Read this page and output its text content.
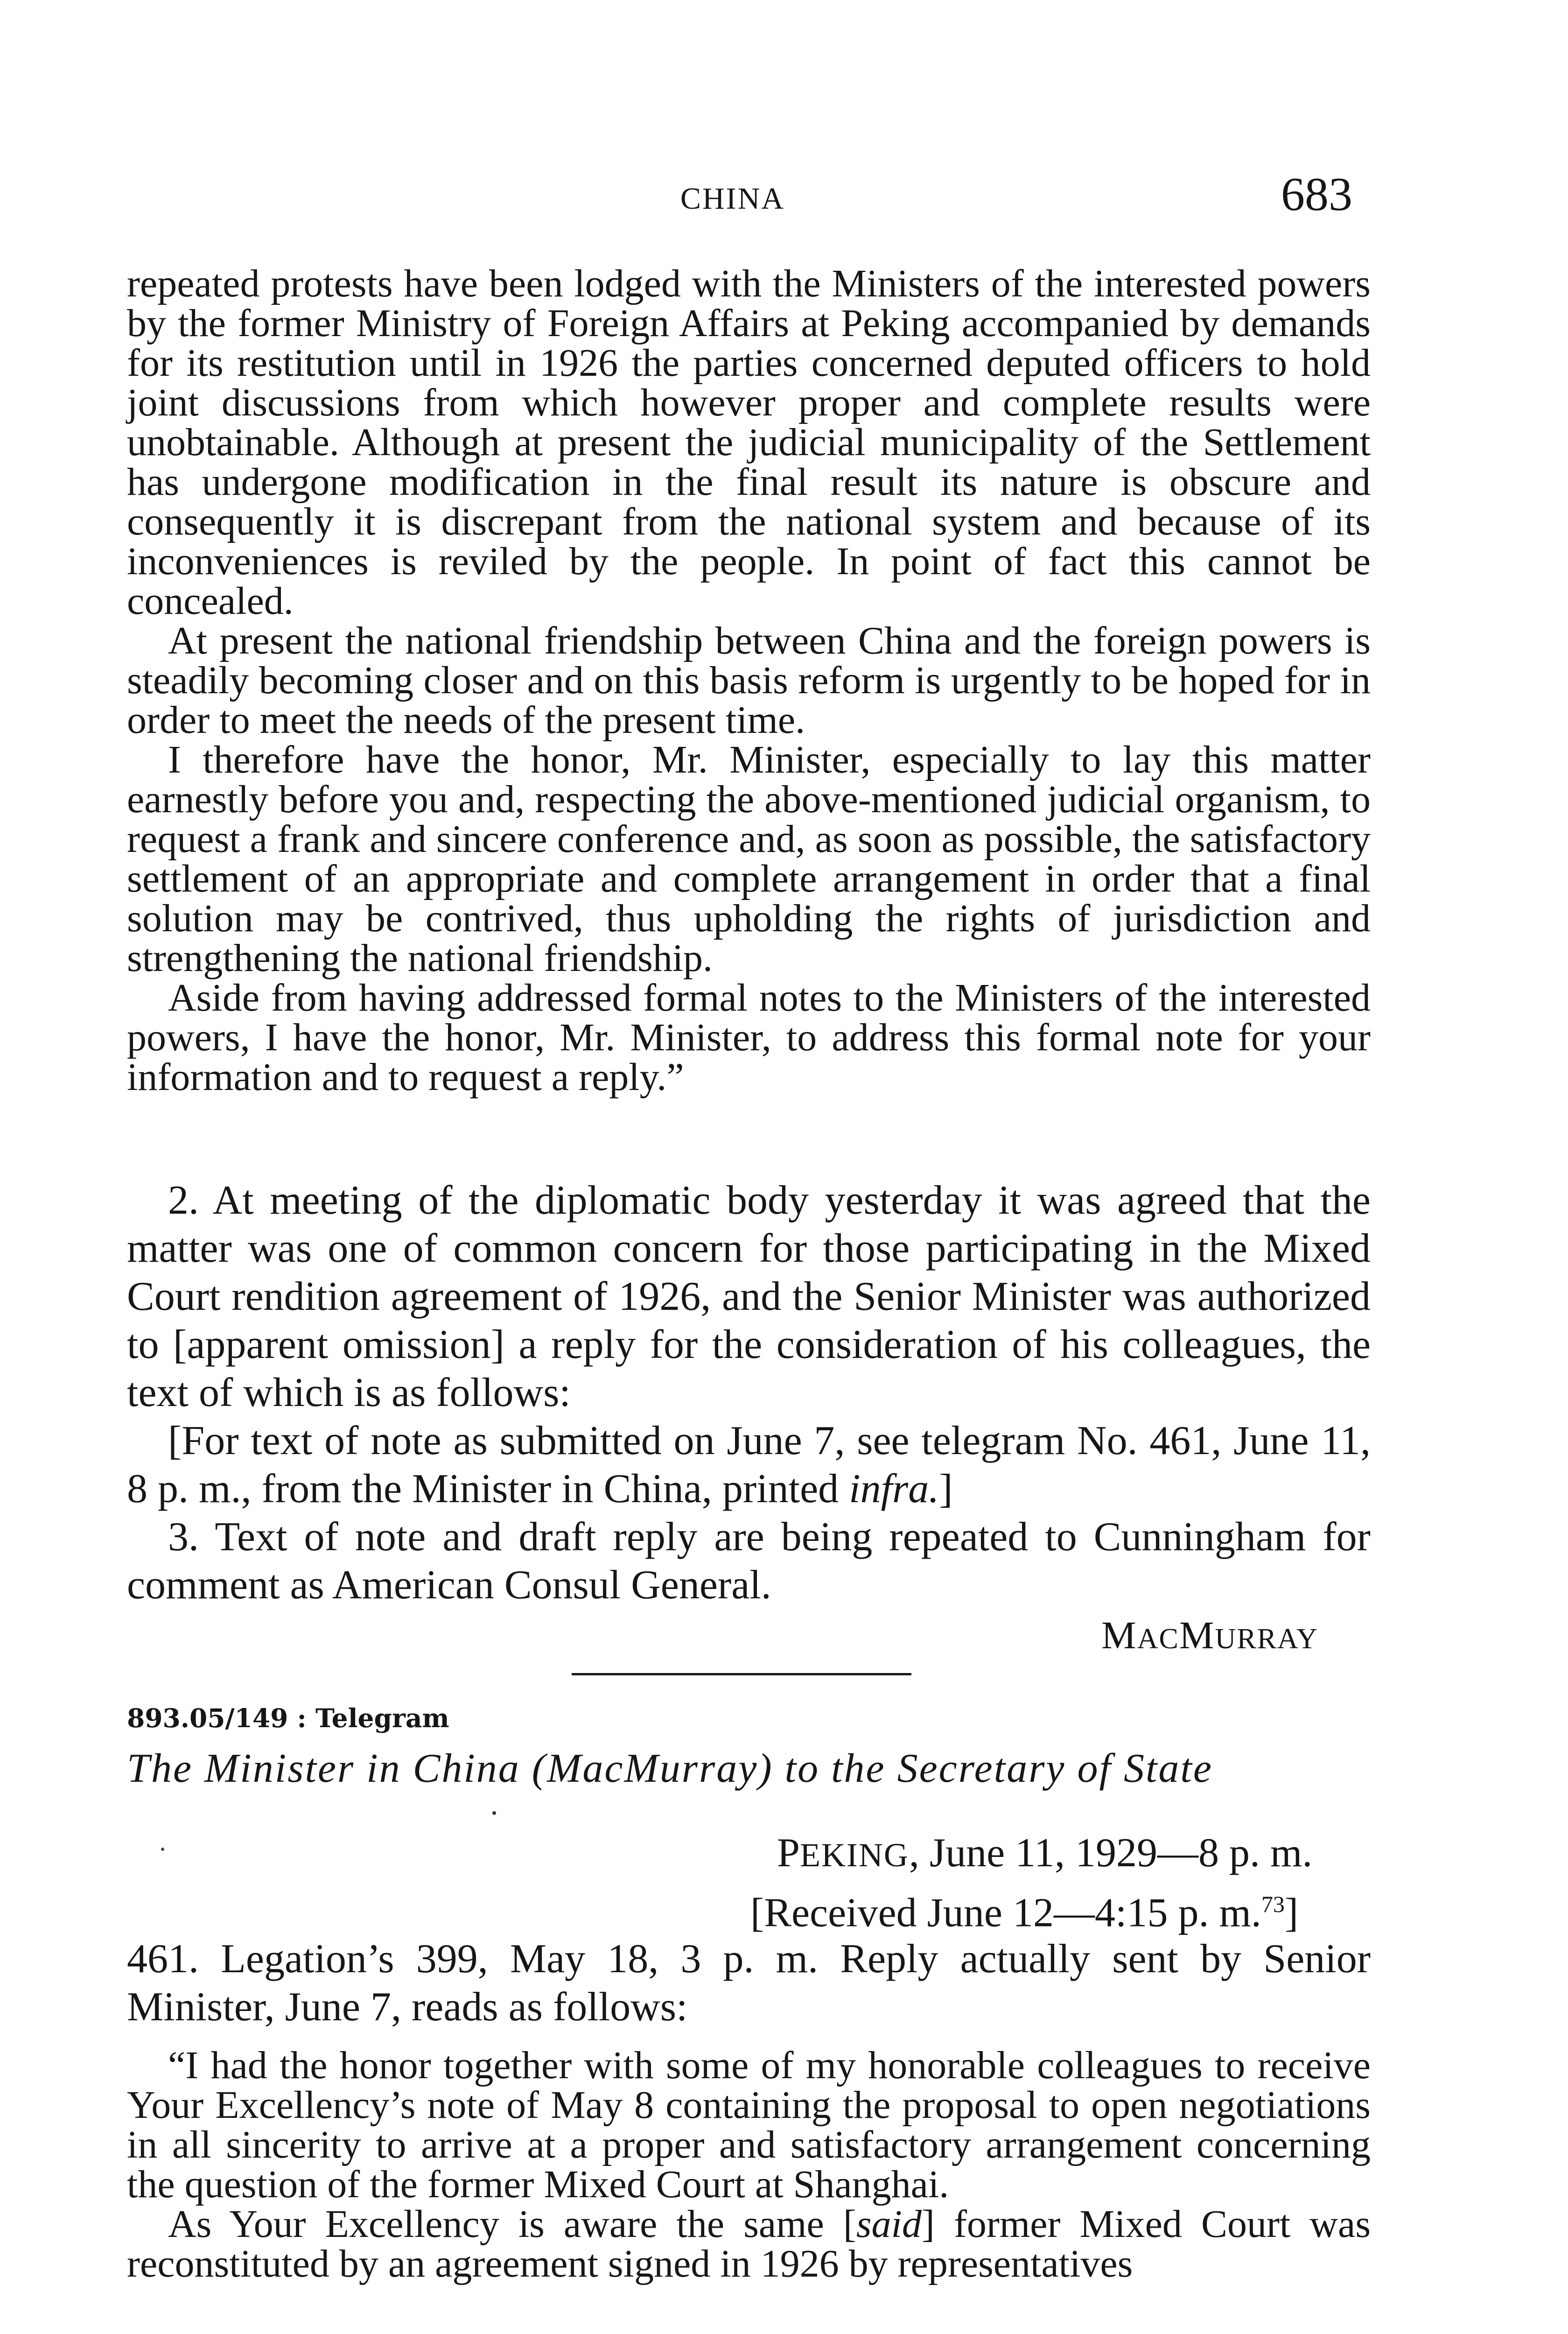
CHINA	683

repeated protests have been lodged with the Ministers of the interested powers by the former Ministry of Foreign Affairs at Peking accompanied by demands for its restitution until in 1926 the parties concerned deputed officers to hold joint discussions from which however proper and complete results were unobtainable. Although at present the judicial municipality of the Settlement has undergone modification in the final result its nature is obscure and consequently it is discrepant from the national system and because of its inconveniences is reviled by the people. In point of fact this cannot be concealed.

At present the national friendship between China and the foreign powers is steadily becoming closer and on this basis reform is urgently to be hoped for in order to meet the needs of the present time.

I therefore have the honor, Mr. Minister, especially to lay this matter earnestly before you and, respecting the above-mentioned judicial organism, to request a frank and sincere conference and, as soon as possible, the satisfactory settlement of an appropriate and complete arrangement in order that a final solution may be contrived, thus upholding the rights of jurisdiction and strengthening the national friendship.

Aside from having addressed formal notes to the Ministers of the interested powers, I have the honor, Mr. Minister, to address this formal note for your information and to request a reply.”

2. At meeting of the diplomatic body yesterday it was agreed that the matter was one of common concern for those participating in the Mixed Court rendition agreement of 1926, and the Senior Minister was authorized to [apparent omission] a reply for the consideration of his colleagues, the text of which is as follows:

[For text of note as submitted on June 7, see telegram No. 461, June 11, 8 p. m., from the Minister in China, printed infra.]

3. Text of note and draft reply are being repeated to Cunningham for comment as American Consul General.

MACMURRAY
893.05/149 : Telegram
The Minister in China (MacMurray) to the Secretary of State
PEKING, June 11, 1929—8 p. m.
[Received June 12—4:15 p. m.$^{73}$]
461. Legation’s 399, May 18, 3 p. m. Reply actually sent by Senior Minister, June 7, reads as follows:

“I had the honor together with some of my honorable colleagues to receive Your Excellency’s note of May 8 containing the proposal to open negotiations in all sincerity to arrive at a proper and satisfactory arrangement concerning the question of the former Mixed Court at Shanghai.

As Your Excellency is aware the same [said] former Mixed Court was reconstituted by an agreement signed in 1926 by representatives
